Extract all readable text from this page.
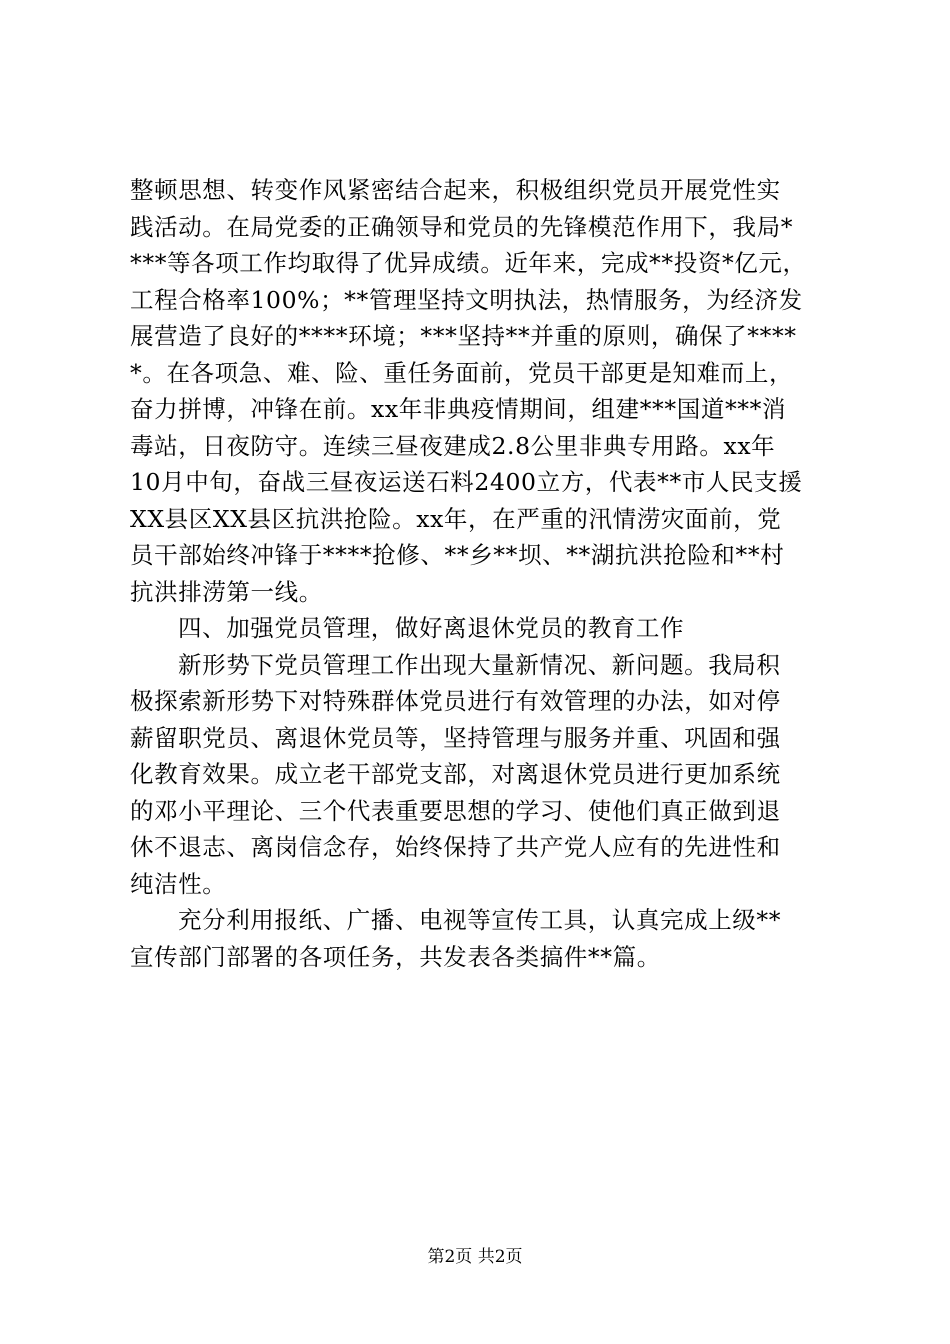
整顿思想、转变作风紧密结合起来，积极组织党员开展党性实
践活动。在局党委的正确领导和党员的先锋模范作用下，我局*
***等各项工作均取得了优异成绩。近年来，完成**投资*亿元，
工程合格率100%；**管理坚持文明执法，热情服务，为经济发
展营造了良好的****环境；***坚持**并重的原则，确保了****
*。在各项急、难、险、重任务面前，党员干部更是知难而上，
奋力拼博，冲锋在前。xx年非典疫情期间，组建***国道***消
毒站，日夜防守。连续三昼夜建成2.8公里非典专用路。xx年
10月中旬，奋战三昼夜运送石料2400立方，代表**市人民支援
XX县区XX县区抗洪抢险。xx年，在严重的汛情涝灾面前，党
员干部始终冲锋于****抢修、**乡**坝、**湖抗洪抢险和**村
抗洪排涝第一线。
四、加强党员管理，做好离退休党员的教育工作
新形势下党员管理工作出现大量新情况、新问题。我局积
极探索新形势下对特殊群体党员进行有效管理的办法，如对停
薪留职党员、离退休党员等，坚持管理与服务并重、巩固和强
化教育效果。成立老干部党支部，对离退休党员进行更加系统
的邓小平理论、三个代表重要思想的学习、使他们真正做到退
休不退志、离岗信念存，始终保持了共产党人应有的先进性和
纯洁性。
充分利用报纸、广播、电视等宣传工具，认真完成上级**
宣传部门部署的各项任务，共发表各类搞件**篇。
第2页 共2页
